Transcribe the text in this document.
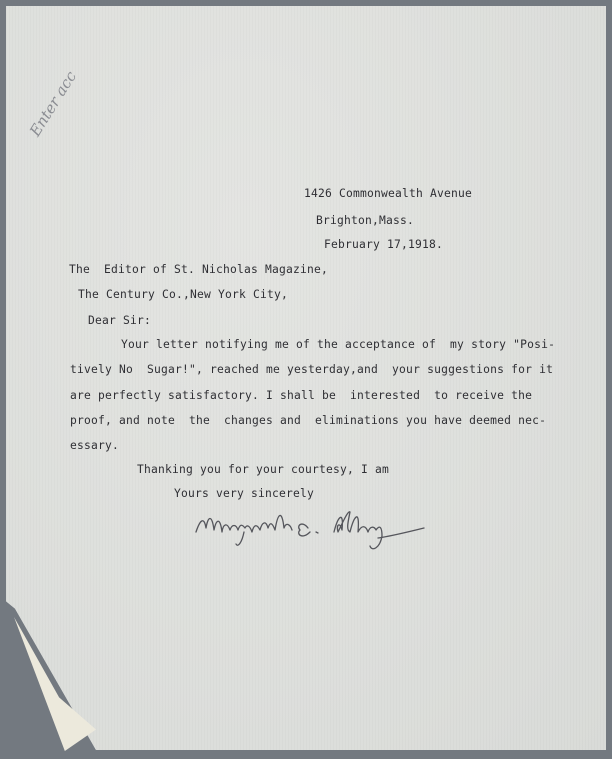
Enter acc
1426 Commonwealth Avenue
Brighton,Mass.
February 17,1918.
The  Editor of St. Nicholas Magazine,
The Century Co.,New York City,
Dear Sir:
Your letter notifying me of the acceptance of  my story "Posi-
tively No  Sugar!", reached me yesterday,and  your suggestions for it
are perfectly satisfactory. I shall be  interested  to receive the
proof, and note  the  changes and  eliminations you have deemed nec-
essary.
Thanking you for your courtesy, I am
Yours very sincerely
